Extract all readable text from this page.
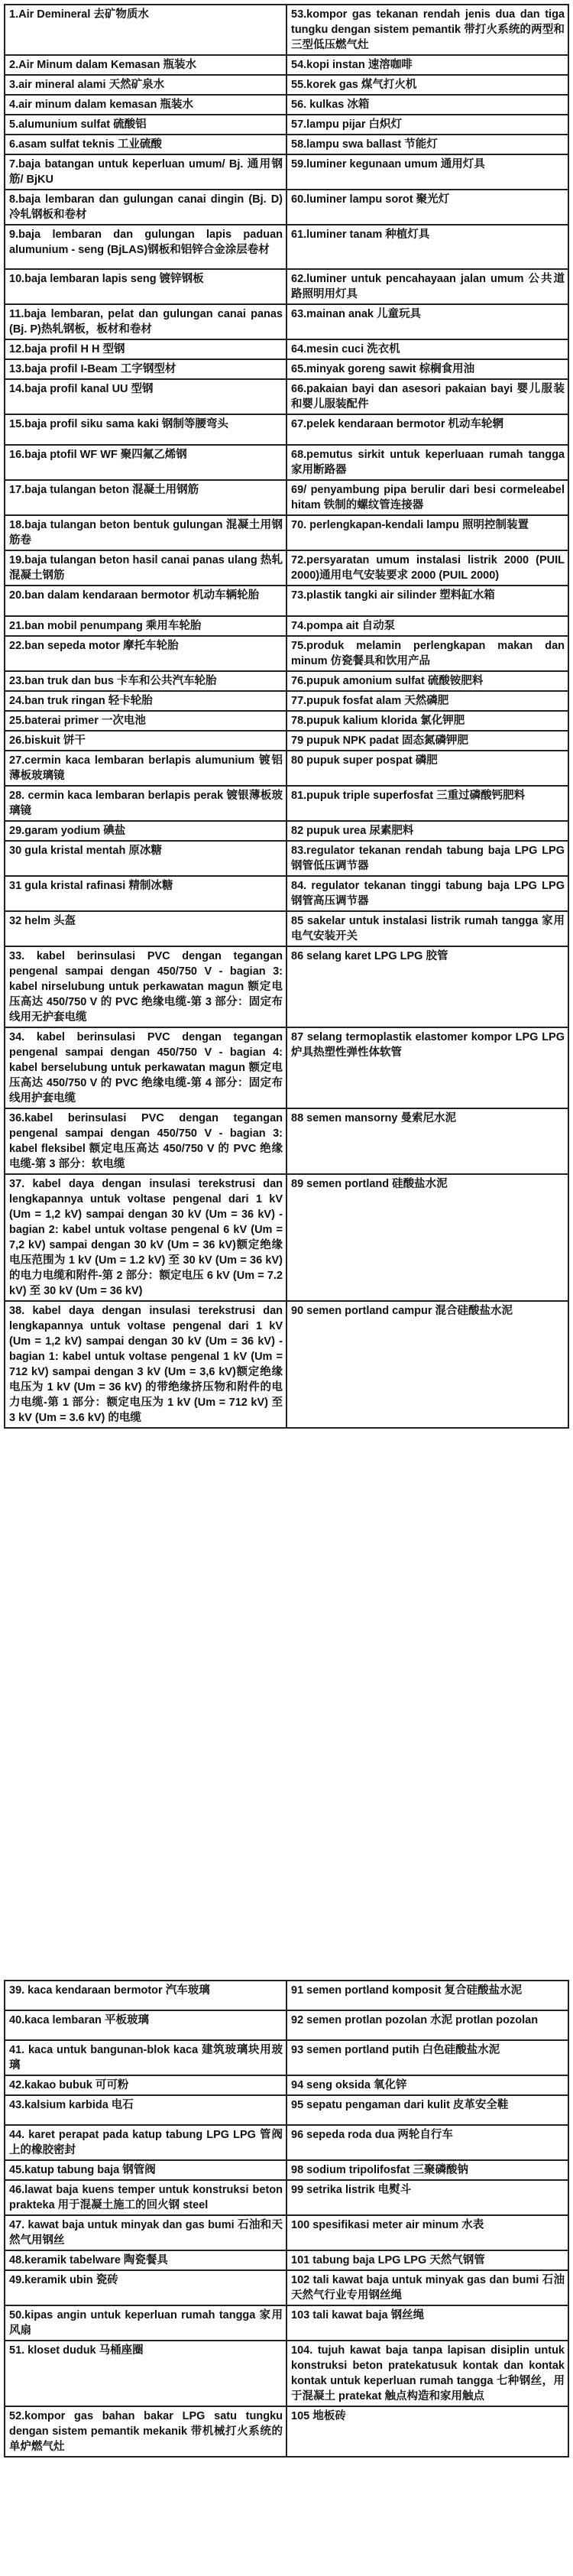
1.Air Demineral 去矿物质水	53.kompor gas tekanan rendah jenis dua dan tiga tungku dengan sistem pemantik 带打火系统的两型和三型低压燃气灶
2.Air Minum dalam Kemasan 瓶装水	54.kopi instan 速溶咖啡
3.air mineral alami 天然矿泉水	55.korek gas 煤气打火机
4.air minum dalam kemasan 瓶装水	56. kulkas 冰箱
5.alumunium sulfat 硫酸铝	57.lampu pijar 白炽灯
6.asam sulfat teknis 工业硫酸	58.lampu swa ballast 节能灯
7.baja batangan untuk keperluan umum/ Bj. 通用钢筋/ BjKU	59.luminer kegunaan umum 通用灯具
8.baja lembaran dan gulungan canai dingin (Bj. D)冷轧钢板和卷材	60.luminer lampu sorot 聚光灯
9.baja lembaran dan gulungan lapis paduan alumunium - seng (BjLAS)钢板和铝锌合金涂层卷材	61.luminer tanam 种植灯具
10.baja lembaran lapis seng 镀锌钢板	62.luminer untuk pencahayaan jalan umum 公共道路照明用灯具
11.baja lembaran, pelat dan gulungan canai panas (Bj. P)热轧钢板，板材和卷材	63.mainan anak 儿童玩具
12.baja profil H H 型钢	64.mesin cuci 洗衣机
13.baja profil I-Beam 工字钢型材	65.minyak goreng sawit 棕榈食用油
14.baja profil kanal UU 型钢	66.pakaian bayi dan asesori pakaian bayi 婴儿服装和婴儿服装配件
15.baja profil siku sama kaki 钢制等腰弯头	67.pelek kendaraan bermotor 机动车轮辋
16.baja ptofil WF WF 聚四氟乙烯钢	68.pemutus sirkit untuk keperluaan rumah tangga 家用断路器
17.baja tulangan beton 混凝土用钢筋	69/ penyambung pipa berulir dari besi cormeleabel hitam 铁制的螺纹管连接器
18.baja tulangan beton bentuk gulungan 混凝土用钢筋卷	70. perlengkapan-kendali lampu 照明控制装置
19.baja tulangan beton hasil canai panas ulang 热轧混凝土钢筋	72.persyaratan umum instalasi listrik 2000 (PUIL 2000)通用电气安装要求 2000 (PUIL 2000)
20.ban dalam kendaraan bermotor 机动车辆轮胎	73.plastik tangki air silinder 塑料缸水箱
21.ban mobil penumpang 乘用车轮胎	74.pompa ait 自动泵
22.ban sepeda motor 摩托车轮胎	75.produk melamin perlengkapan makan dan minum 仿瓷餐具和饮用产品
23.ban truk dan bus 卡车和公共汽车轮胎	76.pupuk amonium sulfat 硫酸铵肥料
24.ban truk ringan 轻卡轮胎	77.pupuk fosfat alam 天然磷肥
25.baterai primer 一次电池	78.pupuk kalium klorida 氯化钾肥
26.biskuit 饼干	79 pupuk NPK padat 固态氮磷钾肥
27.cermin kaca lembaran berlapis alumunium 镀铝薄板玻璃镜	80 pupuk super pospat 磷肥
28. cermin kaca lembaran berlapis perak 镀银薄板玻璃镜	81.pupuk triple superfosfat 三重过磷酸钙肥料
29.garam yodium 碘盐	82 pupuk urea 尿素肥料
30 gula kristal mentah 原冰糖	83.regulator tekanan rendah tabung baja LPG LPG 钢管低压调节器
31 gula kristal rafinasi 精制冰糖	84. regulator tekanan tinggi tabung baja LPG LPG 钢管高压调节器
32 helm 头盔	85 sakelar untuk instalasi listrik rumah tangga 家用电气安装开关
33. kabel berinsulasi PVC dengan tegangan pengenal sampai dengan 450/750 V - bagian 3: kabel nirselubung untuk perkawatan magun 额定电压高达 450/750 V 的 PVC 绝缘电缆-第 3 部分：固定布线用无护套电缆	86 selang karet LPG LPG 胶管
34. kabel berinsulasi PVC dengan tegangan pengenal sampai dengan 450/750 V - bagian 4: kabel berselubung untuk perkawatan magun 额定电压高达 450/750 V 的 PVC 绝缘电缆-第 4 部分：固定布线用护套电缆	87 selang termoplastik elastomer kompor LPG LPG 炉具热塑性弹性体软管
36.kabel berinsulasi PVC dengan tegangan pengenal sampai dengan 450/750 V - bagian 3: kabel fleksibel 额定电压高达 450/750 V 的 PVC 绝缘电缆-第 3 部分：软电缆	88 semen mansorny 曼索尼水泥
37. kabel daya dengan insulasi terekstrusi dan lengkapannya untuk voltase pengenal dari 1 kV (Um = 1,2 kV) sampai dengan 30 kV (Um = 36 kV) - bagian 2: kabel untuk voltase pengenal 6 kV (Um = 7,2 kV) sampai dengan 30 kV (Um = 36 kV)额定绝缘电压范围为 1 kV (Um = 1.2 kV) 至 30 kV (Um = 36 kV)的电力电缆和附件-第 2 部分：额定电压 6 kV (Um = 7.2 kV) 至 30 kV (Um = 36 kV)	89 semen portland 硅酸盐水泥
38. kabel daya dengan insulasi terekstrusi dan lengkapannya untuk voltase pengenal dari 1 kV (Um = 1,2 kV) sampai dengan 30 kV (Um = 36 kV) - bagian 1: kabel untuk voltase pengenal 1 kV (Um = 712 kV) sampai dengan 3 kV (Um = 3,6 kV)额定绝缘电压为 1 kV (Um = 36 kV) 的带绝缘挤压物和附件的电力电缆-第 1 部分：额定电压为 1 kV (Um = 712 kV) 至 3 kV (Um = 3.6 kV) 的电缆	90 semen portland campur 混合硅酸盐水泥
39. kaca kendaraan bermotor 汽车玻璃	91 semen portland komposit 复合硅酸盐水泥
40.kaca lembaran 平板玻璃	92 semen protlan pozolan 水泥 protlan pozolan
41. kaca untuk bangunan-blok kaca 建筑玻璃块用玻璃	93 semen portland putih 白色硅酸盐水泥
42.kakao bubuk 可可粉	94 seng oksida 氧化锌
43.kalsium karbida 电石	95 sepatu pengaman dari kulit 皮革安全鞋
44. karet perapat pada katup tabung LPG LPG 管阀上的橡胶密封	96 sepeda roda dua 两轮自行车
45.katup tabung baja 钢管阀	98 sodium tripolifosfat 三聚磷酸钠
46.lawat baja kuens temper untuk konstruksi beton prakteka 用于混凝土施工的回火钢 steel	99 setrika listrik 电熨斗
47. kawat baja untuk minyak dan gas bumi 石油和天然气用钢丝	100 spesifikasi meter air minum 水表
48.keramik tabelware 陶瓷餐具	101 tabung baja LPG LPG 天然气钢管
49.keramik ubin 瓷砖	102 tali kawat baja untuk minyak gas dan bumi 石油天然气行业专用钢丝绳
50.kipas angin untuk keperluan rumah tangga 家用风扇	103 tali kawat baja 钢丝绳
51. kloset duduk 马桶座圈	104. tujuh kawat baja tanpa lapisan disiplin untuk konstruksi beton pratekatusuk kontak dan kontak kontak untuk keperluan rumah tangga 七种钢丝，用于混凝土 pratekat 触点构造和家用触点
52.kompor gas bahan bakar LPG satu tungku dengan sistem pemantik mekanik 带机械打火系统的单炉燃气灶	105 地板砖
